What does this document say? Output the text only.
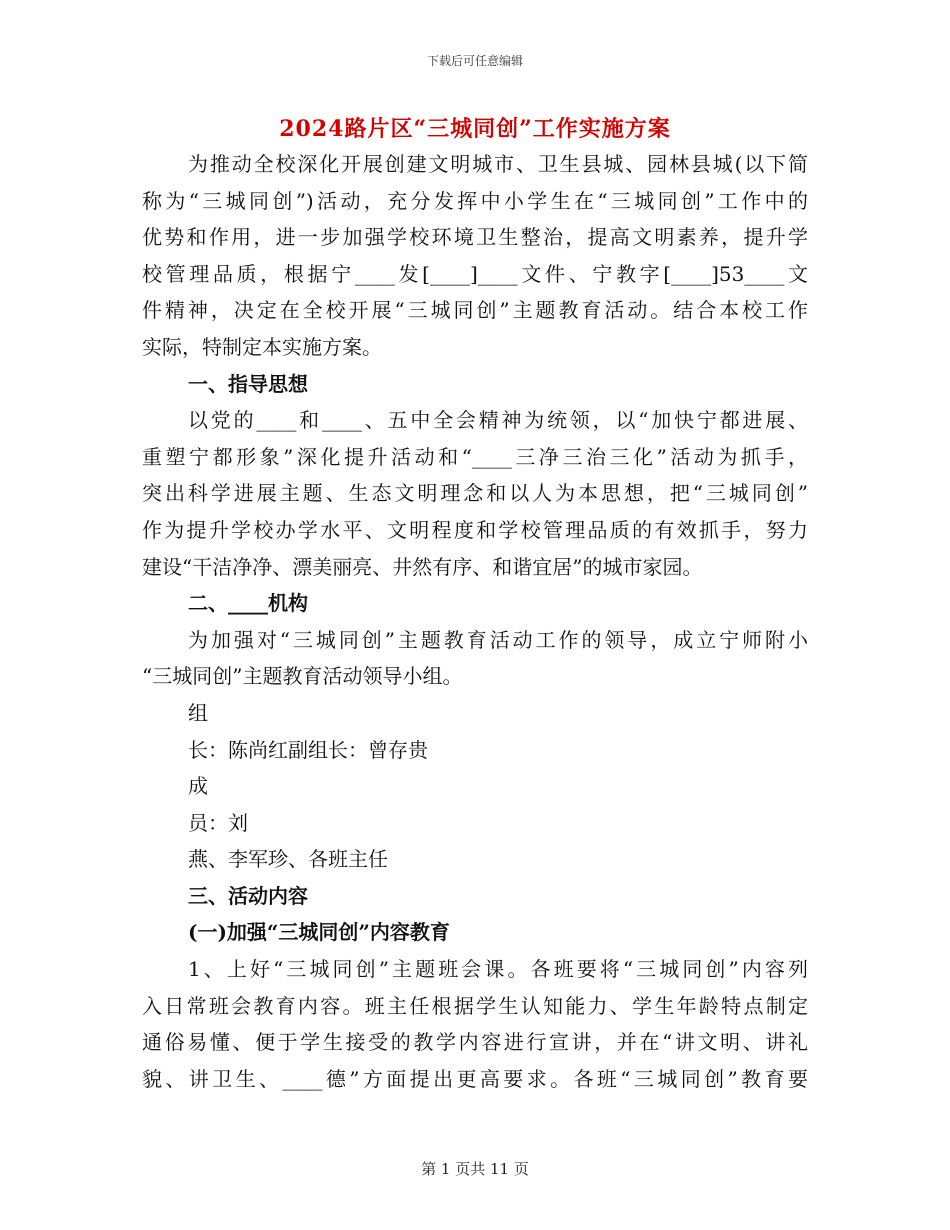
下载后可任意编辑
2024路片区“三城同创”工作实施方案
为推动全校深化开展创建文明城市、卫生县城、园林县城(以下简
称为“三城同创”)活动，充分发挥中小学生在“三城同创”工作中的
优势和作用，进一步加强学校环境卫生整治，提高文明素养，提升学
校管理品质，根据宁____发[____]____文件、宁教字[____]53____文
件精神，决定在全校开展“三城同创”主题教育活动。结合本校工作
实际，特制定本实施方案。
一、指导思想
以党的____和____、五中全会精神为统领，以“加快宁都进展、
重塑宁都形象”深化提升活动和“____三净三治三化”活动为抓手，
突出科学进展主题、生态文明理念和以人为本思想，把“三城同创”
作为提升学校办学水平、文明程度和学校管理品质的有效抓手，努力
建设“干洁净净、漂美丽亮、井然有序、和谐宜居”的城市家园。
二、____机构
为加强对“三城同创”主题教育活动工作的领导，成立宁师附小
“三城同创”主题教育活动领导小组。
组
长：陈尚红副组长：曾存贵
成
员：刘
燕、李军珍、各班主任
三、活动内容
(一)加强“三城同创”内容教育
1、上好“三城同创”主题班会课。各班要将“三城同创”内容列
入日常班会教育内容。班主任根据学生认知能力、学生年龄特点制定
通俗易懂、便于学生接受的教学内容进行宣讲，并在“讲文明、讲礼
貌、讲卫生、____德”方面提出更高要求。各班“三城同创”教育要
第 1 页共 11 页
